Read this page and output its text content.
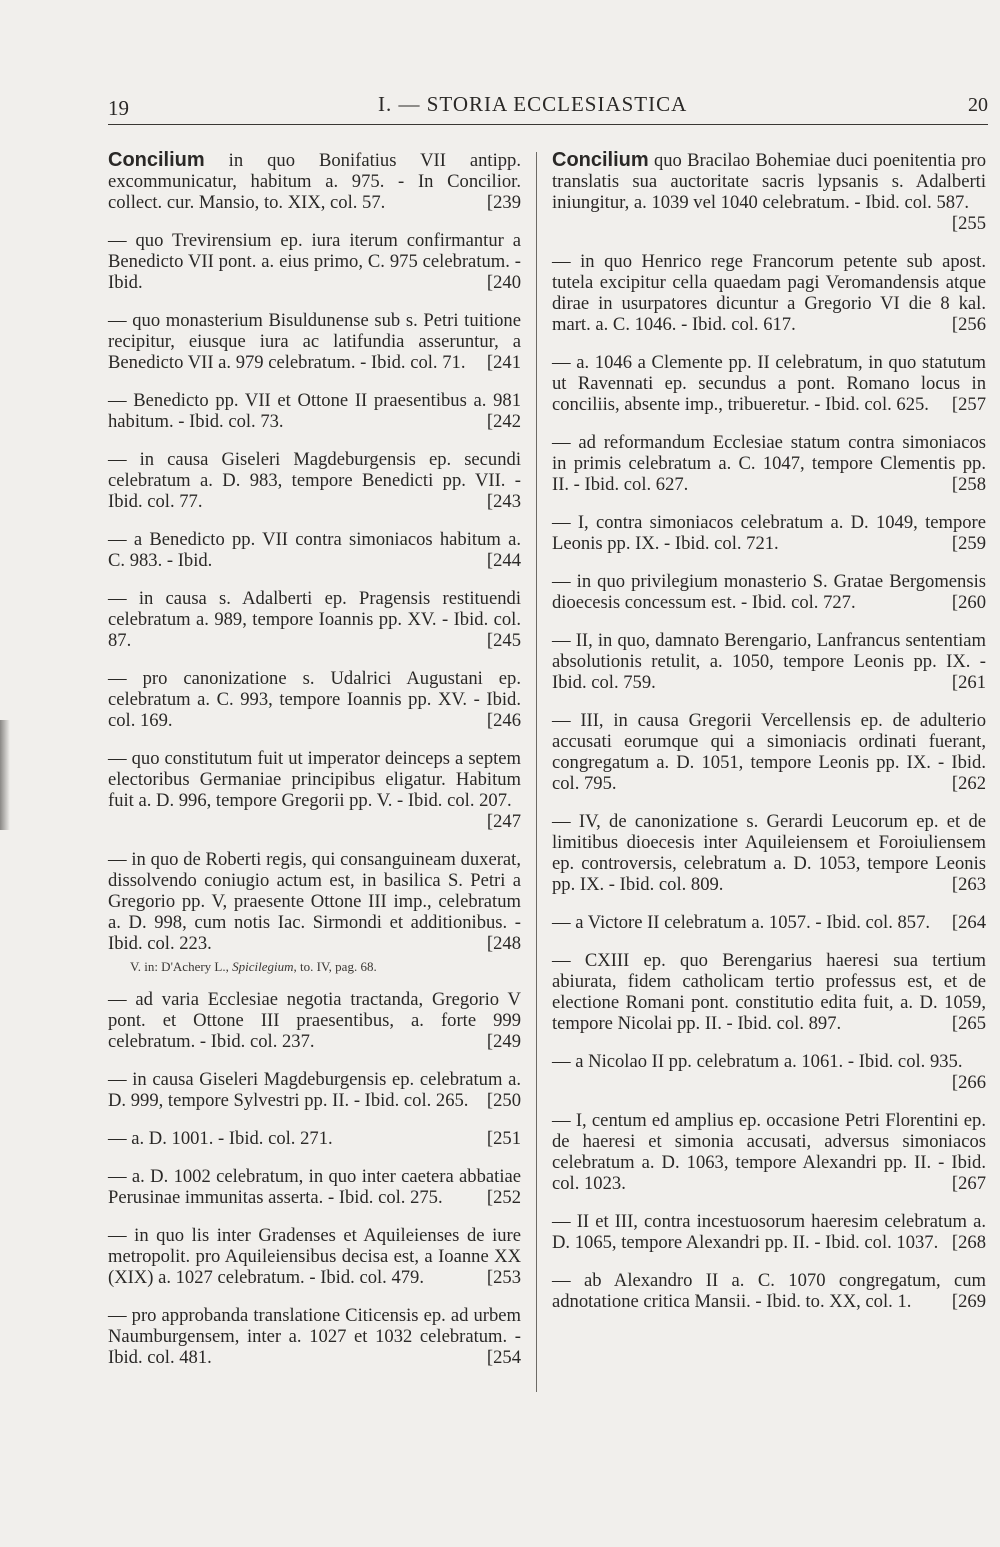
19	I. — STORIA ECCLESIASTICA	20
Concilium in quo Bonifatius VII antipp. excommunicatur, habitum a. 975. - In Concilior. collect. cur. Mansio, to. XIX, col. 57.	[239
— quo Trevirensium ep. iura iterum confirmantur a Benedicto VII pont. a. eius primo, C. 975 celebratum. - Ibid.	[240
— quo monasterium Bisuldunense sub s. Petri tuitione recipitur, eiusque iura ac latifundia asseruntur, a Benedicto VII a. 979 celebratum. - Ibid. col. 71. [241
— Benedicto pp. VII et Ottone II praesentibus a. 981 habitum. - Ibid. col. 73.	[242
— in causa Giseleri Magdeburgensis ep. secundi celebratum a. D. 983, tempore Benedicti pp. VII. - Ibid. col. 77.	[243
— a Benedicto pp. VII contra simoniacos habitum a. C. 983. - Ibid.	[244
— in causa s. Adalberti ep. Pragensis restituendi celebratum a. 989, tempore Ioannis pp. XV. - Ibid. col. 87.	[245
— pro canonizatione s. Udalrici Augustani ep. celebratum a. C. 993, tempore Ioannis pp. XV. - Ibid. col. 169.	[246
— quo constitutum fuit ut imperator deinceps a septem electoribus Germaniae principibus eligatur. Habitum fuit a. D. 996, tempore Gregorii pp. V. - Ibid. col. 207.
[247
— in quo de Roberti regis, qui consanguineam duxerat, dissolvendo coniugio actum est, in basilica S. Petri a Gregorio pp. V, praesente Ottone III imp., celebratum a. D. 998, cum notis Iac. Sirmondi et additionibus. - Ibid. col. 223.	[248
V. in: D'Achery L., Spicilegium, to. IV, pag. 68.
— ad varia Ecclesiae negotia tractanda, Gregorio V pont. et Ottone III praesentibus, a. forte 999 celebratum. - Ibid. col. 237.	[249
— in causa Giseleri Magdeburgensis ep. celebratum a. D. 999, tempore Sylvestri pp. II. - Ibid. col. 265. [250
— a. D. 1001. - Ibid. col. 271.	[251
— a. D. 1002 celebratum, in quo inter caetera abbatiae Perusinae immunitas asserta. - Ibid. col. 275. [252
— in quo lis inter Gradenses et Aquileienses de iure metropolit. pro Aquileiensibus decisa est, a Ioanne XX (XIX) a. 1027 celebratum. - Ibid. col. 479.	[253
— pro approbanda translatione Citicensis ep. ad urbem Naumburgensem, inter a. 1027 et 1032 celebratum. - Ibid. col. 481.	[254
Concilium quo Bracilao Bohemiae duci poenitentia pro translatis sua auctoritate sacris lypsanis s. Adalberti iniungitur, a. 1039 vel 1040 celebratum. - Ibid. col. 587.
[255
— in quo Henrico rege Francorum petente sub apost. tutela excipitur cella quaedam pagi Veromandensis atque dirae in usurpatores dicuntur a Gregorio VI die 8 kal. mart. a. C. 1046. - Ibid. col. 617.	[256
— a. 1046 a Clemente pp. II celebratum, in quo statutum ut Ravennati ep. secundus a pont. Romano locus in conciliis, absente imp., tribueretur. - Ibid. col. 625. [257
— ad reformandum Ecclesiae statum contra simoniacos in primis celebratum a. C. 1047, tempore Clementis pp. II. - Ibid. col. 627.	[258
— I, contra simoniacos celebratum a. D. 1049, tempore Leonis pp. IX. - Ibid. col. 721.	[259
— in quo privilegium monasterio S. Gratae Bergomensis dioecesis concessum est. - Ibid. col. 727.	[260
— II, in quo, damnato Berengario, Lanfrancus sententiam absolutionis retulit, a. 1050, tempore Leonis pp. IX. - Ibid. col. 759.	[261
— III, in causa Gregorii Vercellensis ep. de adulterio accusati eorumque qui a simoniacis ordinati fuerant, congregatum a. D. 1051, tempore Leonis pp. IX. - Ibid. col. 795.	[262
— IV, de canonizatione s. Gerardi Leucorum ep. et de limitibus dioecesis inter Aquileiensem et Foroiuliensem ep. controversis, celebratum a. D. 1053, tempore Leonis pp. IX. - Ibid. col. 809.	[263
— a Victore II celebratum a. 1057. - Ibid. col. 857. [264
— CXIII ep. quo Berengarius haeresi sua tertium abiurata, fidem catholicam tertio professus est, et de electione Romani pont. constitutio edita fuit, a. D. 1059, tempore Nicolai pp. II. - Ibid. col. 897.	[265
— a Nicolao II pp. celebratum a. 1061. - Ibid. col. 935.
[266
— I, centum ed amplius ep. occasione Petri Florentini ep. de haeresi et simonia accusati, adversus simoniacos celebratum a. D. 1063, tempore Alexandri pp. II. - Ibid. col. 1023.	[267
— II et III, contra incestuosorum haeresim celebratum a. D. 1065, tempore Alexandri pp. II. - Ibid. col. 1037. [268
— ab Alexandro II a. C. 1070 congregatum, cum adnotatione critica Mansii. - Ibid. to. XX, col. 1. [269
